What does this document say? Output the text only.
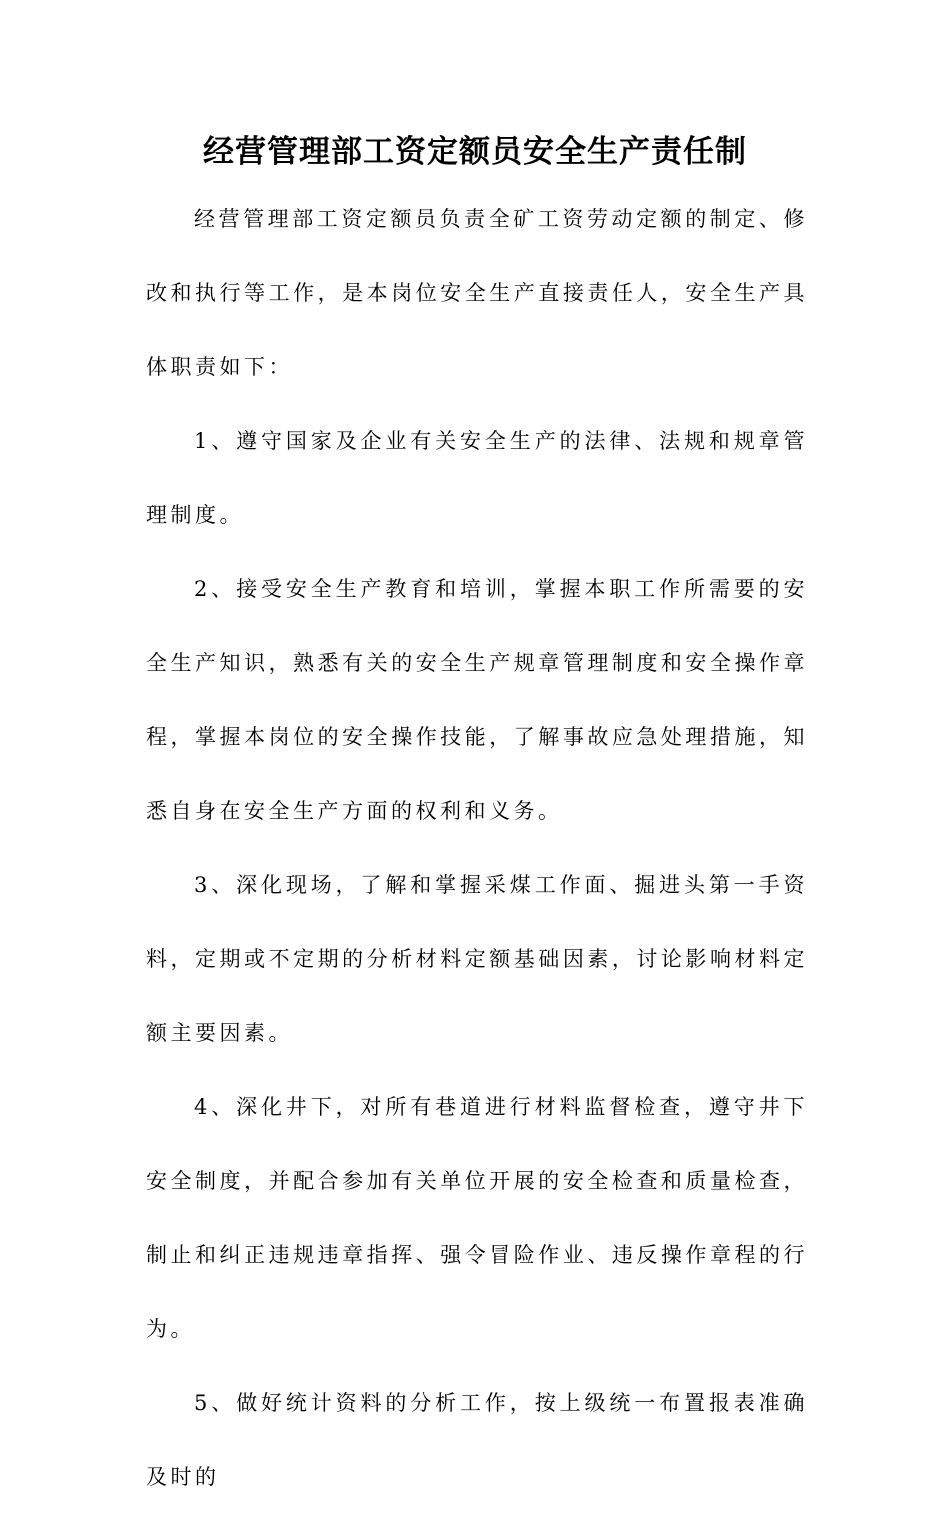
经营管理部工资定额员安全生产责任制

经营管理部工资定额员负责全矿工资劳动定额的制定、修改和执行等工作，是本岗位安全生产直接责任人，安全生产具体职责如下：

1、遵守国家及企业有关安全生产的法律、法规和规章管理制度。

2、接受安全生产教育和培训，掌握本职工作所需要的安全生产知识，熟悉有关的安全生产规章管理制度和安全操作章程，掌握本岗位的安全操作技能，了解事故应急处理措施，知悉自身在安全生产方面的权利和义务。

3、深化现场，了解和掌握采煤工作面、掘进头第一手资料，定期或不定期的分析材料定额基础因素，讨论影响材料定额主要因素。

4、深化井下，对所有巷道进行材料监督检查，遵守井下安全制度，并配合参加有关单位开展的安全检查和质量检查，制止和纠正违规违章指挥、强令冒险作业、违反操作章程的行为。

5、做好统计资料的分析工作，按上级统一布置报表准确及时的
